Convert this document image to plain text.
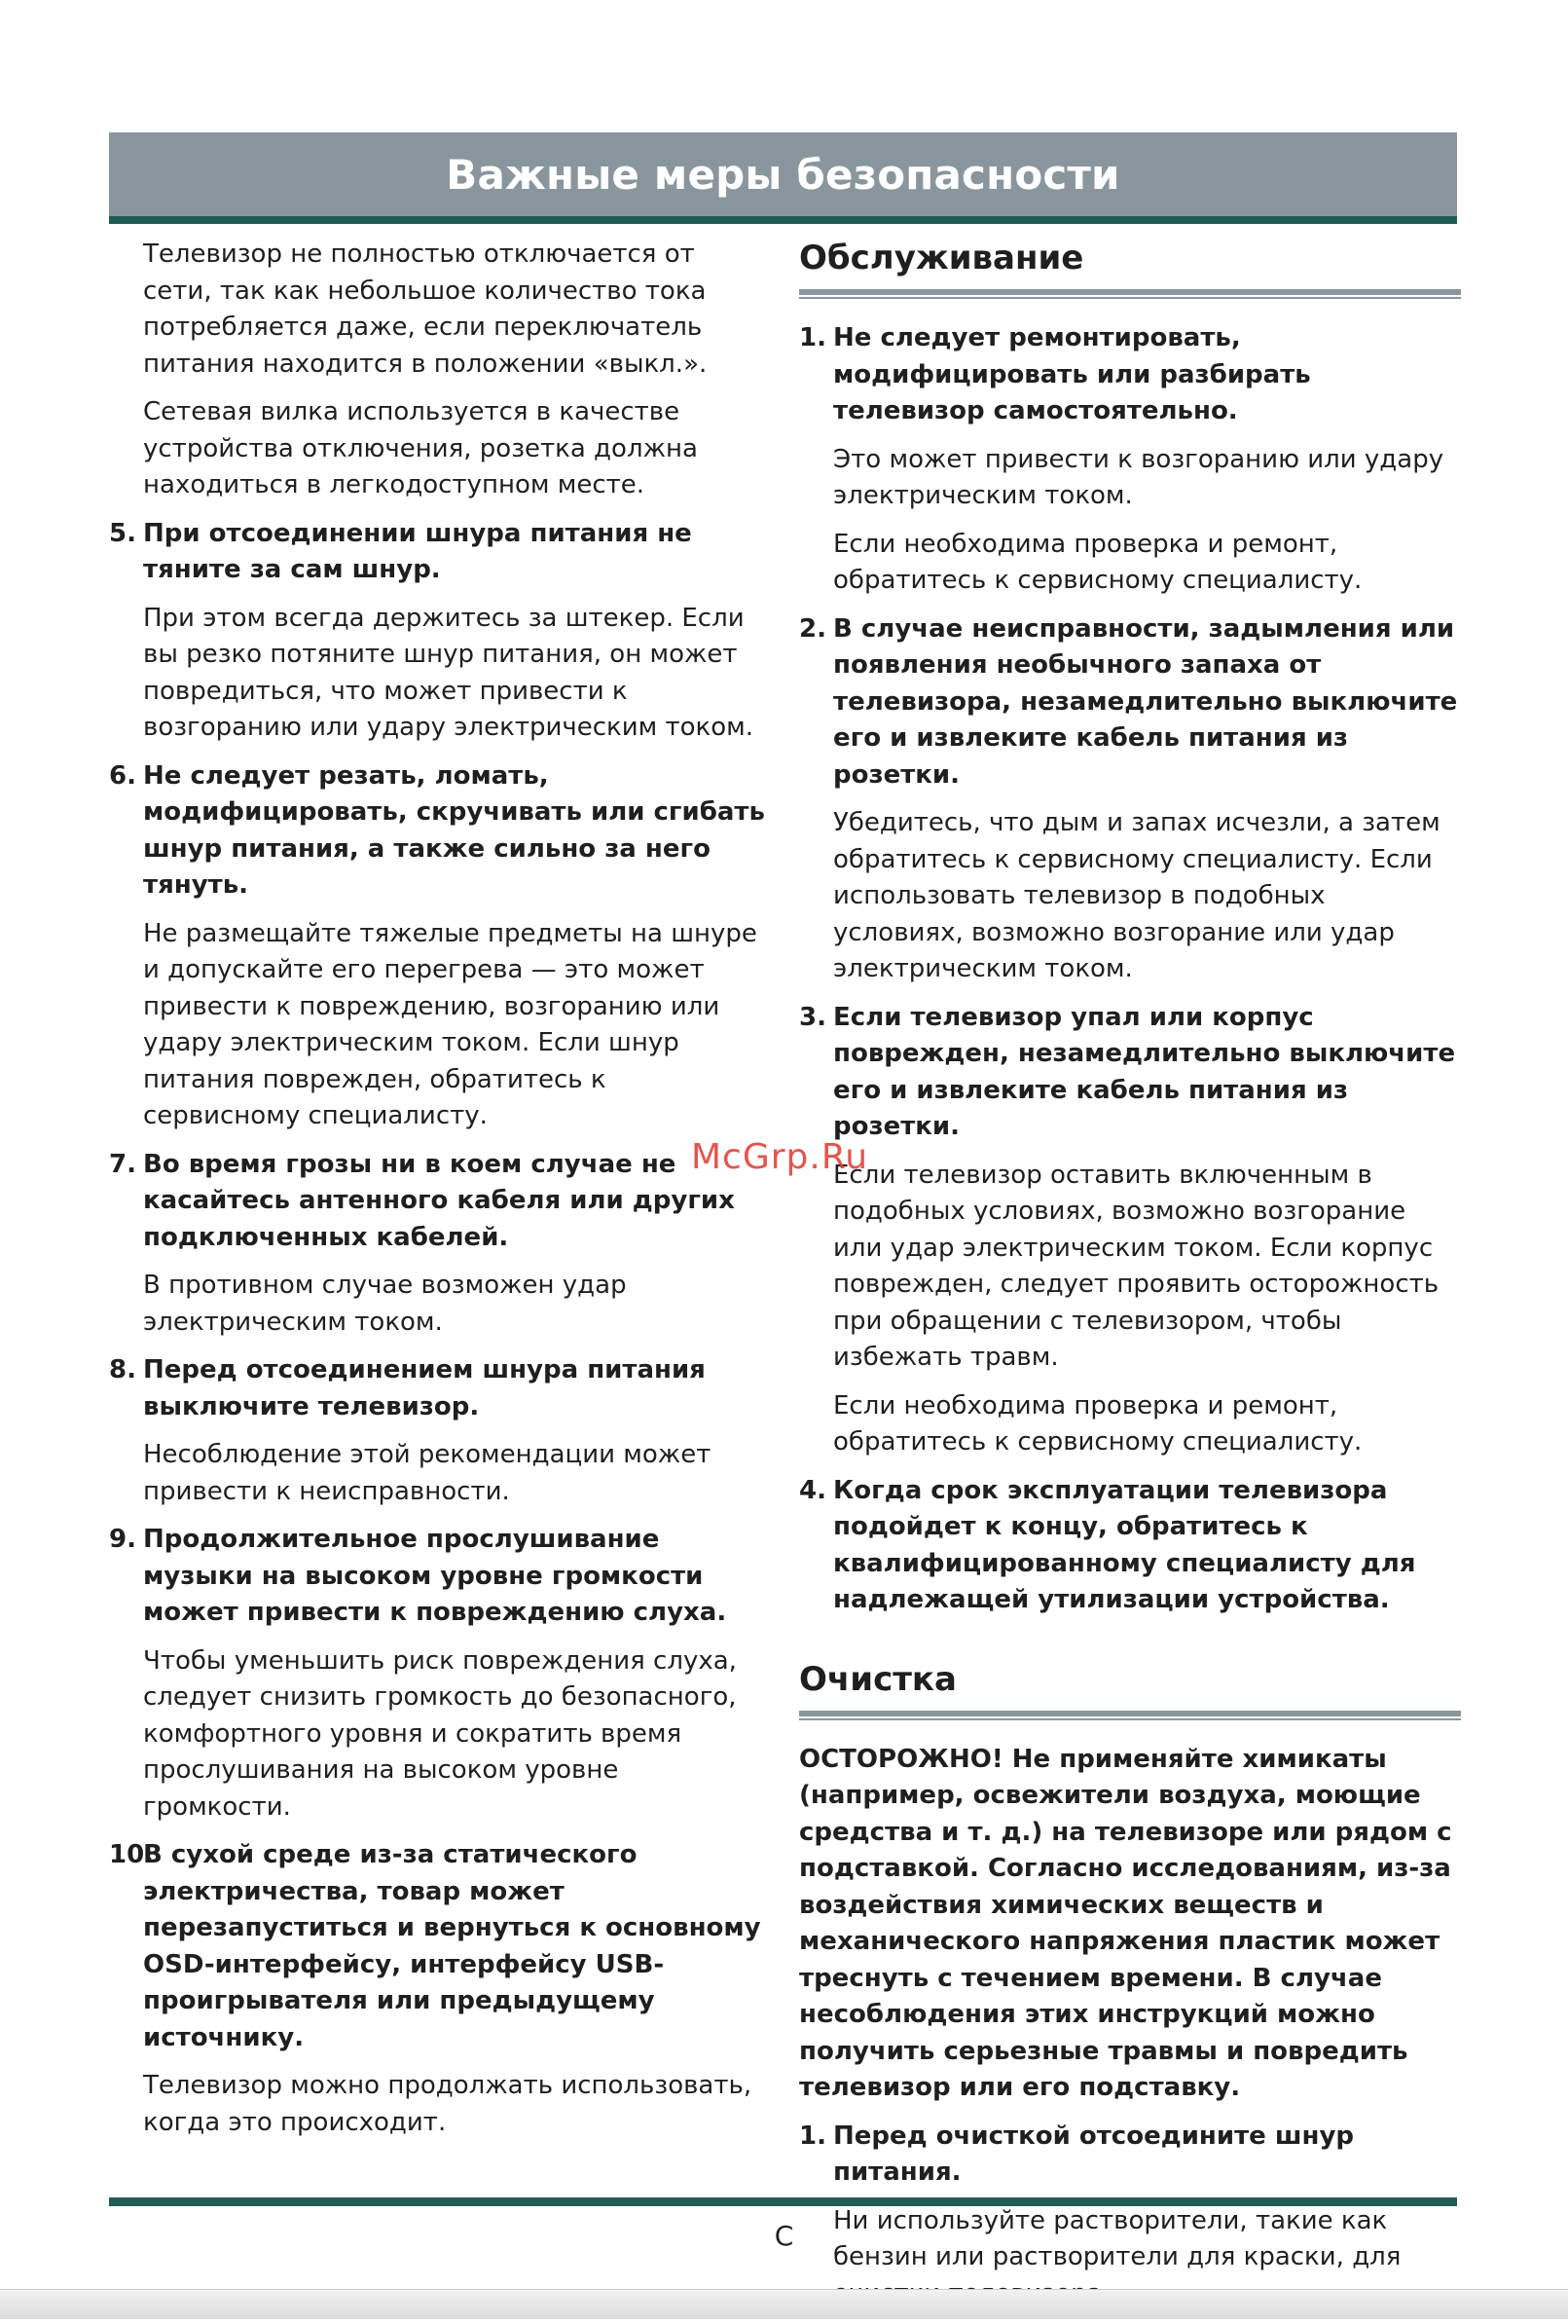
Важные меры безопасности

Телевизор не полностью отключается от сети, так как небольшое количество тока потребляется даже, если переключатель питания находится в положении «выкл.».

Сетевая вилка используется в качестве устройства отключения, розетка должна находиться в легкодоступном месте.

5. При отсоединении шнура питания не тяните за сам шнур.

При этом всегда держитесь за штекер. Если вы резко потяните шнур питания, он может повредиться, что может привести к возгоранию или удару электрическим током.

6. Не следует резать, ломать, модифицировать, скручивать или сгибать шнур питания, а также сильно за него тянуть.

Не размещайте тяжелые предметы на шнуре и допускайте его перегрева — это может привести к повреждению, возгоранию или удару электрическим током. Если шнур питания поврежден, обратитесь к сервисному специалисту.

7. Во время грозы ни в коем случае не касайтесь антенного кабеля или других подключенных кабелей.

В противном случае возможен удар электрическим током.

8. Перед отсоединением шнура питания выключите телевизор.

Несоблюдение этой рекомендации может привести к неисправности.

9. Продолжительное прослушивание музыки на высоком уровне громкости может привести к повреждению слуха.

Чтобы уменьшить риск повреждения слуха, следует снизить громкость до безопасного, комфортного уровня и сократить время прослушивания на высоком уровне громкости.

10.
В сухой среде из-за статического электричества, товар может перезапуститься и вернуться к основному OSD-интерфейсу, интерфейсу USB-проигрывателя или предыдущему источнику.

Телевизор можно продолжать использовать, когда это происходит.

Обслуживание
1. Не следует ремонтировать, модифицировать или разбирать телевизор самостоятельно.

Это может привести к возгоранию или удару электрическим током.

Если необходима проверка и ремонт, обратитесь к сервисному специалисту.

2. В случае неисправности, задымления или появления необычного запаха от телевизора, незамедлительно выключите его и извлеките кабель питания из розетки.

Убедитесь, что дым и запах исчезли, а затем обратитесь к сервисному специалисту. Если использовать телевизор в подобных условиях, возможно возгорание или удар электрическим током.

3. Если телевизор упал или корпус поврежден, незамедлительно выключите его и извлеките кабель питания из розетки.

Если телевизор оставить включенным в подобных условиях, возможно возгорание или удар электрическим током. Если корпус поврежден, следует проявить осторожность при обращении с телевизором, чтобы избежать травм.

Если необходима проверка и ремонт, обратитесь к сервисному специалисту.

4. Когда срок эксплуатации телевизора подойдет к концу, обратитесь к квалифицированному специалисту для надлежащей утилизации устройства.
Очистка

ОСТОРОЖНО! Не применяйте химикаты (например, освежители воздуха, моющие средства и т. д.) на телевизоре или рядом с подставкой. Согласно исследованиям, из-за воздействия химических веществ и механического напряжения пластик может треснуть с течением времени. В случае несоблюдения этих инструкций можно получить серьезные травмы и повредить телевизор или его подставку.

1. Перед очисткой отсоедините шнур питания.

Ни используйте растворители, такие как бензин или растворители для краски, для

McGrp.Ru
C
